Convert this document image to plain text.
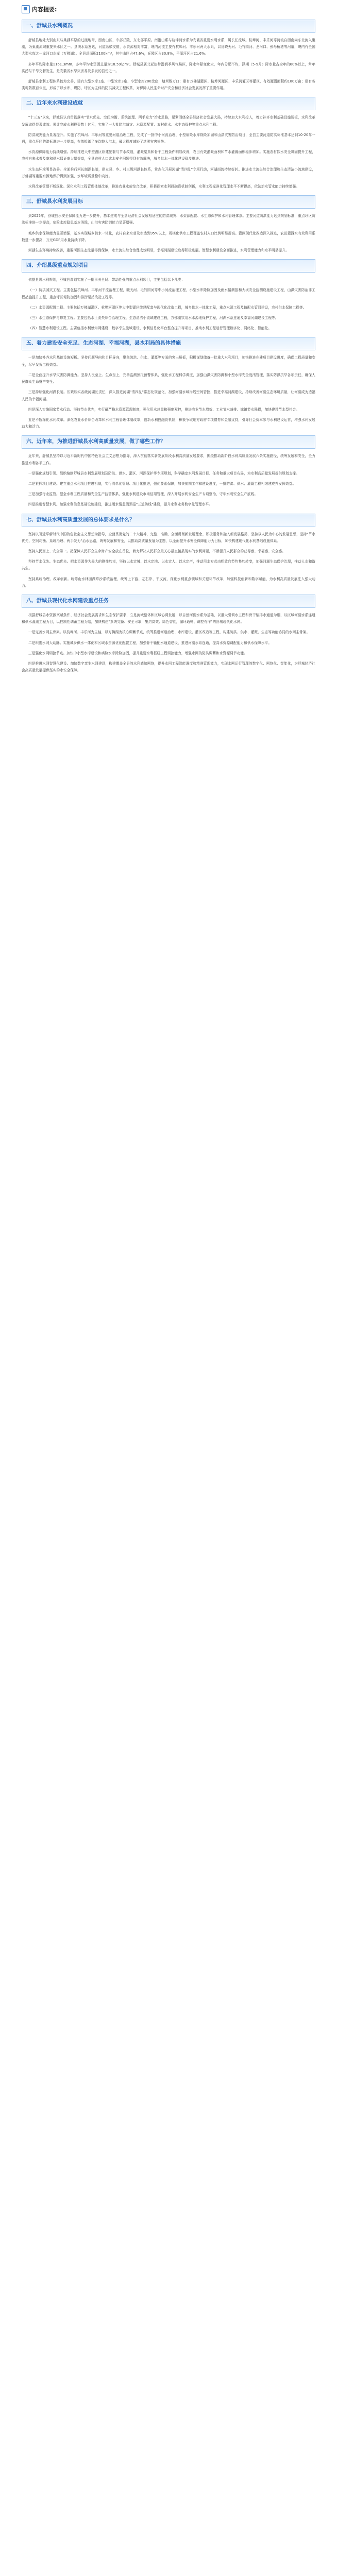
内容提要:
一、舒城县水利概况

舒城县地处大别山东与巢湖平原的过渡地带，西南山区，中部丘陵，东北部平原。南港山系与杭埠河水系为安徽省重要水利水系，属长江流域。杭埠河、丰乐河等河流自西南向东北流入巢湖，为巢湖流域重要来水区之一。县境水系发达，河道纵横交错，水资源相对丰富，境内河流主要有杭埠河、丰乐河两大水系，以及晓天河、毛竹园河、龙河口、张母桥港等河道，境内有全国大型水库之一龙河口水库（万佛湖）。全县总面积2100km²，其中山区占47.6%，丘陵区占30.8%，平原圩区占21.6%。

多年平均降水量1161.3mm，多年平均水资源总量为18.59亿m³。舒城县属北亚热带湿润季风气候区，降水年际变化大，年内分配不均，汛期（5-9月）降水量占全年的60%以上，常年洪涝与干旱交替发生，是安徽省水旱灾害易发多发的县份之一。

舒城县水利工程体系较为完善，建有大型水库1座、中型水库3座、小型水库200余座，塘坝数万口；建有万佛湖灌区、杭埠河灌区、丰乐河灌区等灌区，有效灌溉面积约100万亩；建有各类堤防数百公里，形成了以水库、堤防、圩区为主体的防洪减灾工程体系，对保障人民生命财产安全和经济社会发展发挥了重要作用。

二、近年来水利建设成就

"十三五"以来，舒城县认真贯彻落实"节水优先、空间均衡、系统治理、两手发力"治水思路，紧紧围绕全县经济社会发展大局，持续加大水利投入，着力补齐水利基础设施短板，水利改革发展取得显著成效。累计完成水利投资数十亿元，实施了一大批防洪减灾、水资源配置、农村供水、水生态保护等重点水利工程。

防洪减灾能力显著提升。实施了杭埠河、丰乐河等重要河道治理工程，完成了一批中小河流治理、小型病险水库除险加固和山洪灾害防治项目，全县主要河道防洪标准基本达到10-20年一遇，重点圩区防洪标准进一步提高，有效抵御了多次较大洪水，最大程度减轻了洪涝灾害损失。

水资源保障能力持续增强。持续推进大中型灌区续建配套与节水改造，灌溉渠系和骨干工程条件明显改善，农田有效灌溉面积和节水灌溉面积稳步增加。实施农村饮水安全巩固提升工程，农村自来水普及率和供水保证率大幅提高，全县农村人口饮水安全问题得到有效解决，城乡供水一体化建设稳步推进。

水生态环境明显改善。全面推行河长制湖长制，建立县、乡、村三级河湖长体系，常态化开展河湖"清四乱"专项行动，河湖面貌持续好转。推进水土流失综合治理和生态清洁小流域建设，万佛湖等重要水源地保护得到加强，水环境质量稳中向好。

水利改革管理不断深化。深化水利工程管理体制改革，推进农业水价综合改革，积极探索水利投融资机制创新，水利工程标准化管理水平不断提高，依法治水管水能力持续增强。

三、舒城县水利发展目标

到2025年，舒城县水安全保障能力进一步提升，基本建成与全县经济社会发展相适应的防洪减灾、水资源配置、水生态保护和水利管理体系。主要河道防洪能力达到规划标准，重点圩区防洪标准进一步提高，病险水库隐患基本消除，山洪灾害防御能力显著增强。

城乡供水保障能力显著增强，基本实现城乡供水一体化，农村自来水普及率达到95%以上，规模化供水工程覆盖农村人口比例明显提高。灌区现代化改造深入推进，农田灌溉水有效利用系数进一步提高，万元GDP用水量持续下降。

河湖生态环境持续改善，重要河湖生态流量得到保障，水土流失综合治理成效明显，幸福河湖建设取得积极进展。智慧水利建设全面推进，水利管理能力和水平明显提升。

四、介绍县级重点规划项目

依据县级水利规划，舒城县谋划实施了一批事关全局、带动性强的重点水利项目，主要包括以下几类：

（一）防洪减灾工程。主要包括杭埠河、丰乐河干流治理工程，晓天河、毛竹园河等中小河流治理工程，小型水库除险加固及雨水情测报和大坝安全监测设施建设工程，山洪灾害防治非工程措施提升工程，重点圩区堤防加固和排涝泵站改造工程等。

（二）水资源配置工程。主要包括万佛湖灌区、杭埠河灌区等大中型灌区续建配套与现代化改造工程，城乡供水一体化工程，重点水源工程及输配水管网建设，农村供水保障工程等。

（三）水生态保护与修复工程。主要包括水土流失综合治理工程，生态清洁小流域建设工程，万佛湖饮用水水源地保护工程，河湖水系连通及幸福河湖建设工程等。

（四）智慧水利建设工程。主要包括水利感知网建设、数字孪生流域建设、水利信息化平台整合提升等项目，推动水利工程运行管理数字化、网络化、智能化。

五、着力建设安全充足、生态河湖、幸福河湖，县水利局的具体措施

一是加快补齐水利基础设施短板。坚持问题导向和目标导向，聚焦防洪、供水、灌溉等方面的突出短板，积极谋划储备一批重大水利项目，加快推进在建项目建设进度，确保工程质量和安全，尽早发挥工程效益。

二是全面提升水旱灾害防御能力。坚持人民至上、生命至上，完善监测预报预警体系，强化水工程科学调度，加强山洪灾害防御和小型水库安全度汛管理，落实防汛抗旱各项责任，确保人民群众生命财产安全。

三是持续强化河湖长制。压紧压实各级河湖长责任，深入推进河湖"清四乱"常态化规范化，加强河湖水域岸线空间管控，推进幸福河湖建设，持续改善河湖生态环境质量，让河湖成为造福人民的幸福河湖。

四是深入实施国家节水行动。坚持节水优先，实行最严格水资源管理制度，强化用水总量和强度双控，推进农业节水增效、工业节水减排、城镇节水降损，加快建设节水型社会。

五是不断深化水利改革。深化农业水价综合改革和水利工程管理体制改革，创新水利投融资机制，积极争取地方政府专项债券和金融支持，引导社会资本参与水利建设运营，增强水利发展动力和活力。

六、近年来，为推进舒城县水利高质量发展，做了哪些工作？

近年来，舒城县坚持以习近平新时代中国特色社会主义思想为指导，深入贯彻落实新发展阶段水利高质量发展要求，围绕推动新阶段水利高质量发展六条实施路径，统筹发展和安全，全力推进水利各项工作。

一是强化规划引领。组织编制舒城县水利发展规划及防洪、供水、灌区、河湖保护等专项规划，科学确定水利发展目标、任务和重大项目布局，为水利高质量发展提供规划支撑。

二是狠抓项目建设。建立重点水利项目推进机制，实行清单化管理、项目化推进，强化要素保障，加快前期工作和建设进度，一批防洪、供水、灌溉工程相继建成并发挥效益。

三是加强行业监管。健全水利工程质量和安全生产监管体系，强化水利建设市场信用管理，深入开展水利安全生产专项整治，守牢水利安全生产底线。

四是推进智慧水利。加强水利信息基础设施建设，推进雨水情监测预报"三道防线"建设，提升水利业务数字化管理水平。

七、舒城县水利高质量发展的总体要求是什么？

坚持以习近平新时代中国特色社会主义思想为指导，全面贯彻党的二十大精神，完整、准确、全面贯彻新发展理念，积极服务和融入新发展格局，坚持以人民为中心的发展思想，坚持"节水优先、空间均衡、系统治理、两手发力"治水思路，统筹发展和安全，以推动高质量发展为主题，以全面提升水安全保障能力为目标，加快构建现代化水利基础设施体系。

坚持人民至上、安全第一。把保障人民群众生命财产安全放在首位，着力解决人民群众最关心最直接最现实的水利问题，不断提升人民群众的获得感、幸福感、安全感。

坚持节水优先、生态优先。把水资源作为最大的刚性约束，坚持以水定城、以水定地、以水定人、以水定产，推动用水方式由粗放向节约集约转变，加强河湖生态保护治理，推动人水和谐共生。

坚持系统治理、改革创新。统筹山水林田湖草沙系统治理，统筹上下游、左右岸、干支流，深化水利重点领域和关键环节改革，加强科技创新和数字赋能，为水利高质量发展注入强大动力。

八、舒城县现代化水网建设重点任务

根据舒城县水资源禀赋条件、经济社会发展需求和生态保护要求，立足流域整体和区域协调发展，以自然河湖水系为基础，以重大引调水工程和骨干输排水通道为纲，以区域河湖水系连通和供水灌溉工程为目，以控制性调蓄工程为结，加快构建"系统完备、安全可靠，集约高效、绿色智能，循环通畅、调控有序"的舒城现代化水网。

一是完善水网主骨架。以杭埠河、丰乐河为主轴，以万佛湖为核心调蓄节点，统筹推进河道治理、水库建设、灌区改造等工程，构建防洪、供水、灌溉、生态等功能协同的水网主骨架。

二是织密水网大动脉。实施城乡供水一体化和区域水资源优化配置工程，加强骨干输配水通道建设，推进河湖水系连通，提高水资源调配能力和供水保障水平。

三是强化水网调控节点。加快中小型水库建设和病险水库除险加固，提升重要水利枢纽工程调控能力，增强水网的防洪调蓄和水资源调节功能。

四是推进水网智慧化建设。加快数字孪生水网建设，构建覆盖全县的水利感知网络，提升水网工程智能调度和精准管理能力，实现水网运行管理的数字化、网络化、智能化，为舒城经济社会高质量发展提供坚实的水安全保障。
